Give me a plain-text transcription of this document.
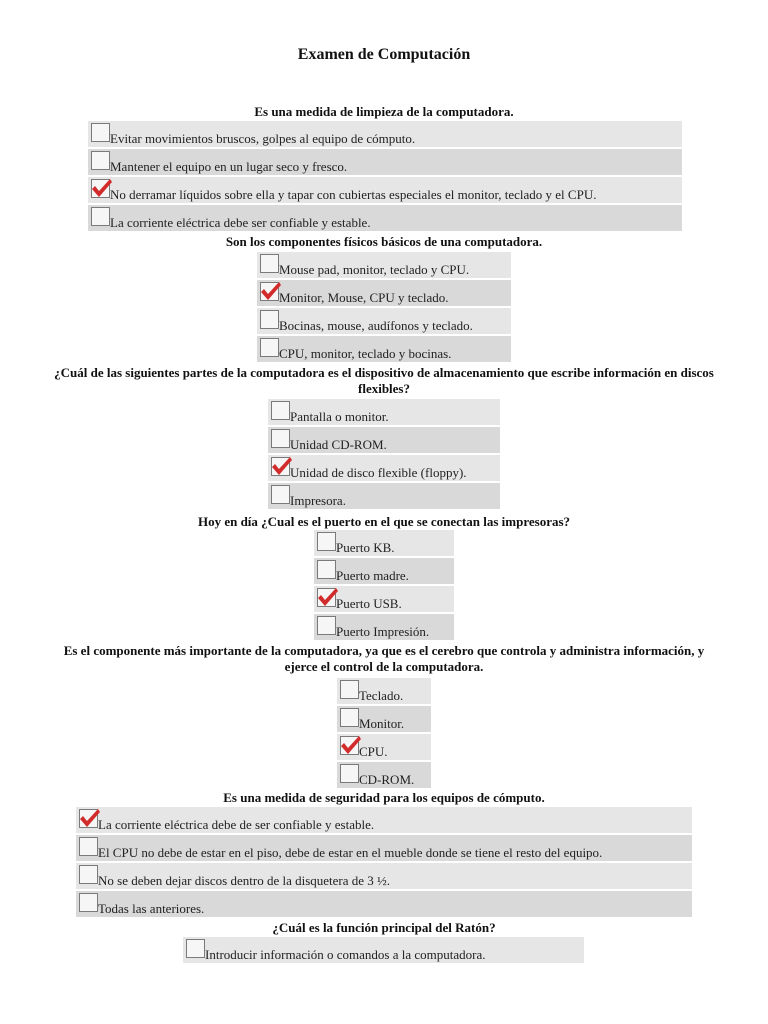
Examen de Computación
Es una medida de limpieza de la computadora.
Evitar movimientos bruscos, golpes al equipo de cómputo.
Mantener el equipo en un lugar seco y fresco.
No derramar líquidos sobre ella y tapar con cubiertas especiales el monitor, teclado y el CPU.
La corriente eléctrica debe ser confiable y estable.
Son los componentes físicos básicos de una computadora.
Mouse pad, monitor, teclado y CPU.
Monitor, Mouse, CPU y teclado.
Bocinas, mouse, audífonos y teclado.
CPU, monitor, teclado y bocinas.
¿Cuál de las siguientes partes de la computadora es el dispositivo de almacenamiento que escribe información en discos flexibles?
Pantalla o monitor.
Unidad CD-ROM.
Unidad de disco flexible (floppy).
Impresora.
Hoy en día ¿Cual es el puerto en el que se conectan las impresoras?
Puerto KB.
Puerto madre.
Puerto USB.
Puerto Impresión.
Es el componente más importante de la computadora, ya que es el cerebro que controla y administra información, y ejerce el control de la computadora.
Teclado.
Monitor.
CPU.
CD-ROM.
Es una medida de seguridad para los equipos de cómputo.
La corriente eléctrica debe de ser confiable y estable.
El CPU no debe de estar en el piso, debe de estar en el mueble donde se tiene el resto del equipo.
No se deben dejar discos dentro de la disquetera de 3 ½.
Todas las anteriores.
¿Cuál es la función principal del Ratón?
Introducir información o comandos a la computadora.
